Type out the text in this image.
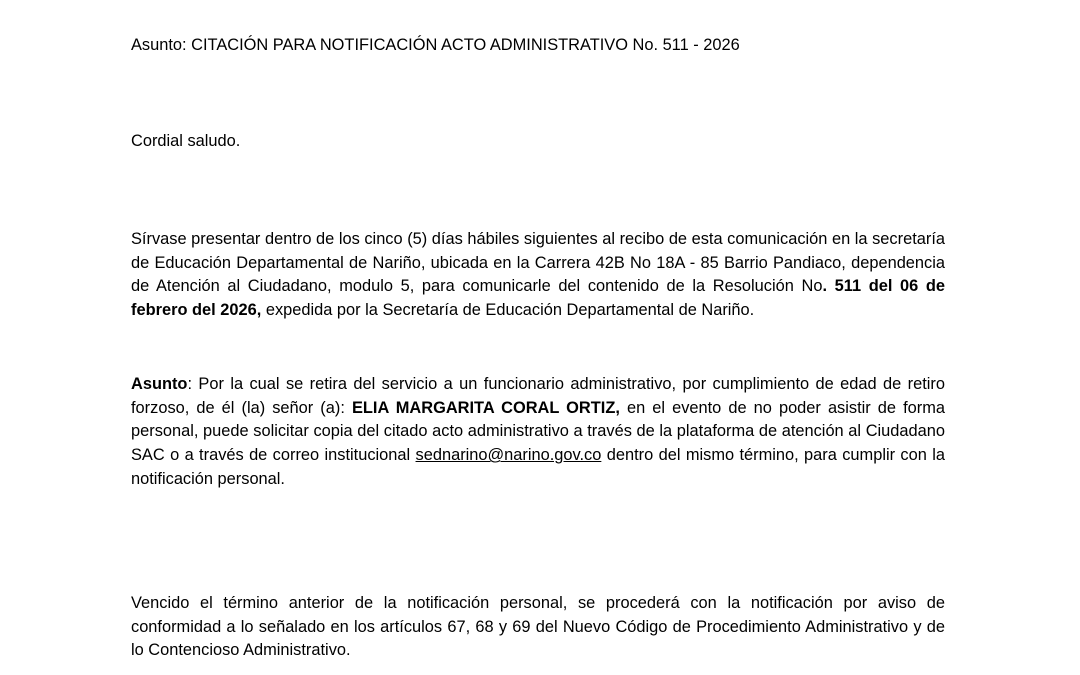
Asunto: CITACIÓN PARA NOTIFICACIÓN ACTO ADMINISTRATIVO No. 511 - 2026

Cordial saludo.

Sírvase presentar dentro de los cinco (5) días hábiles siguientes al recibo de esta comunicación en la secretaría de Educación Departamental de Nariño, ubicada en la Carrera 42B No 18A - 85 Barrio Pandiaco, dependencia de Atención al Ciudadano, modulo 5, para comunicarle del contenido de la Resolución No. 511 del 06 de febrero del 2026, expedida por la Secretaría de Educación Departamental de Nariño.

Asunto: Por la cual se retira del servicio a un funcionario administrativo, por cumplimiento de edad de retiro forzoso, de él (la) señor (a): ELIA MARGARITA CORAL ORTIZ, en el evento de no poder asistir de forma personal, puede solicitar copia del citado acto administrativo a través de la plataforma de atención al Ciudadano SAC o a través de correo institucional sednarino@narino.gov.co dentro del mismo término, para cumplir con la notificación personal.

Vencido el término anterior de la notificación personal, se procederá con la notificación por aviso de conformidad a lo señalado en los artículos 67, 68 y 69 del Nuevo Código de Procedimiento Administrativo y de lo Contencioso Administrativo.
